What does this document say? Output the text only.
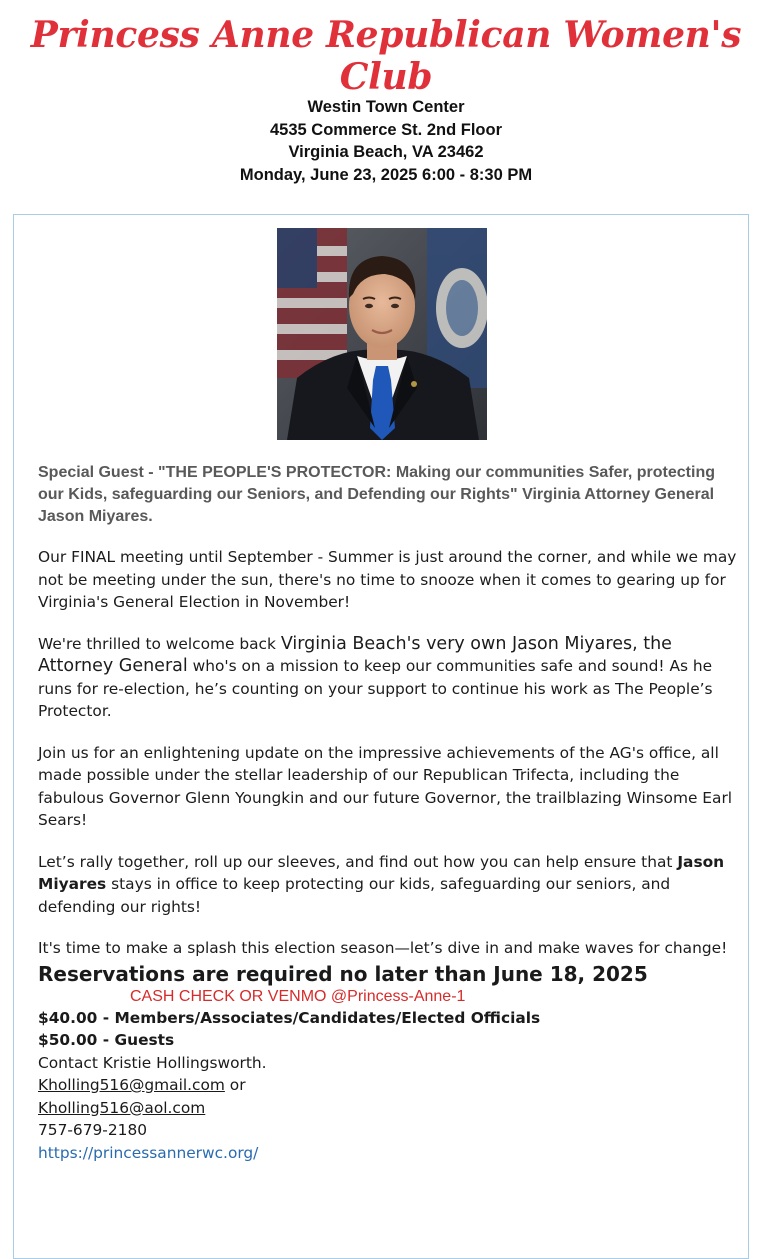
Princess Anne Republican Women's Club
Westin Town Center
4535 Commerce St. 2nd Floor
Virginia Beach, VA 23462
Monday, June 23, 2025 6:00 - 8:30 PM
Special Guest - "THE PEOPLE'S PROTECTOR: Making our communities Safer, protecting our Kids, safeguarding our Seniors, and Defending our Rights" Virginia Attorney General Jason Miyares.
Our FINAL meeting until September - Summer is just around the corner, and while we may not be meeting under the sun, there's no time to snooze when it comes to gearing up for Virginia's General Election in November!
We're thrilled to welcome back Virginia Beach's very own Jason Miyares, the Attorney General who's on a mission to keep our communities safe and sound! As he runs for re-election, he’s counting on your support to continue his work as The People’s Protector.
Join us for an enlightening update on the impressive achievements of the AG's office, all made possible under the stellar leadership of our Republican Trifecta, including the fabulous Governor Glenn Youngkin and our future Governor, the trailblazing Winsome Earl Sears!
Let’s rally together, roll up our sleeves, and find out how you can help ensure that Jason Miyares stays in office to keep protecting our kids, safeguarding our seniors, and defending our rights!
It's time to make a splash this election season—let’s dive in and make waves for change!
Reservations are required no later than June 18, 2025
CASH CHECK OR VENMO @Princess-Anne-1
$40.00 - Members/Associates/Candidates/Elected Officials
$50.00 - Guests
Contact Kristie Hollingsworth.
Kholling516@gmail.com or
Kholling516@aol.com
757-679-2180
https://princessannerwc.org/
